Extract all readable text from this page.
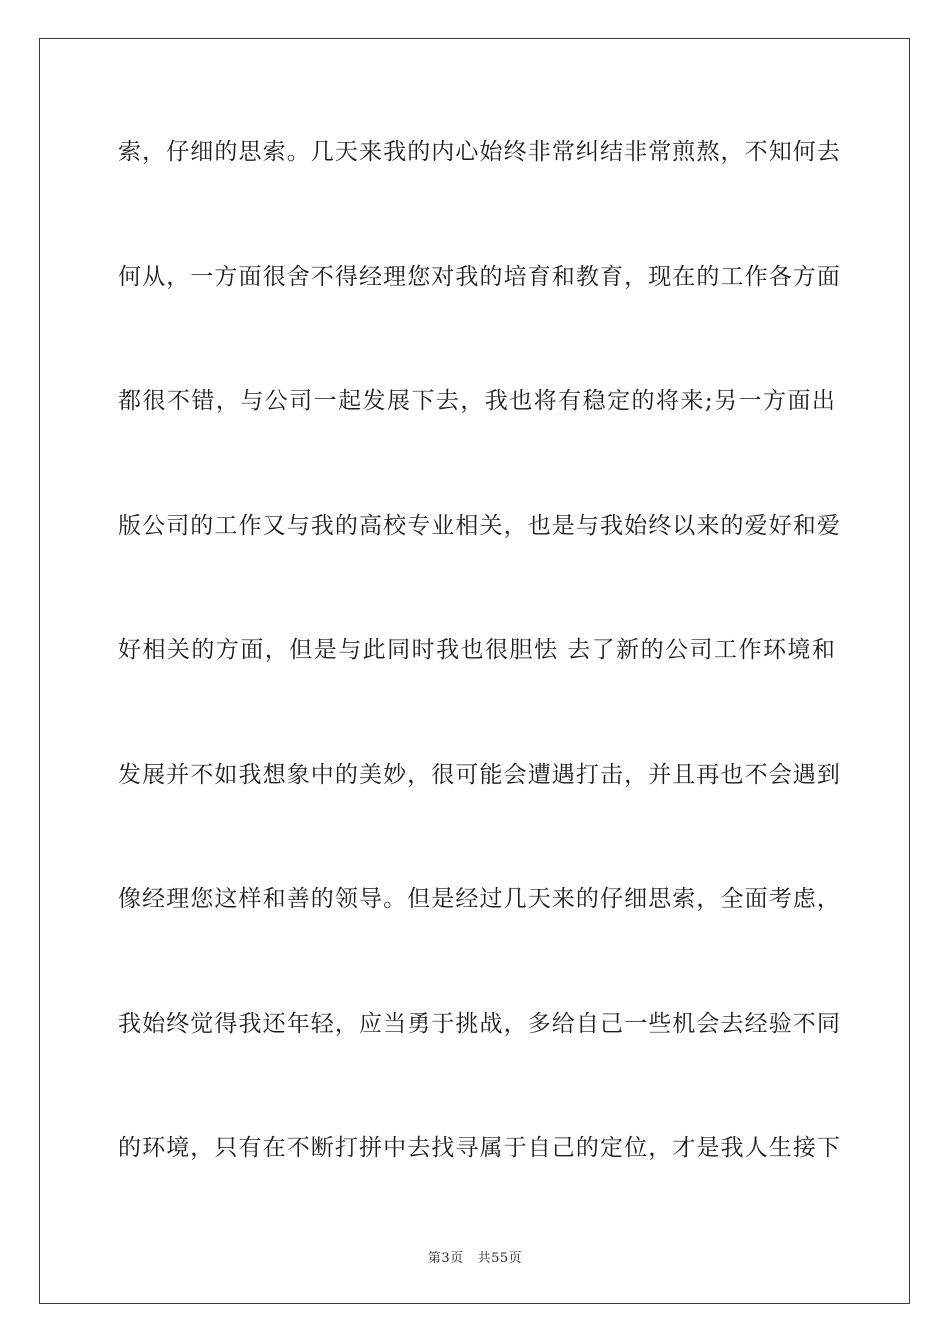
索，仔细的思索。几天来我的内心始终非常纠结非常煎熬，不知何去
何从，一方面很舍不得经理您对我的培育和教育，现在的工作各方面
都很不错，与公司一起发展下去，我也将有稳定的将来;另一方面出
版公司的工作又与我的高校专业相关，也是与我始终以来的爱好和爱
好相关的方面，但是与此同时我也很胆怯 去了新的公司工作环境和
发展并不如我想象中的美妙，很可能会遭遇打击，并且再也不会遇到
像经理您这样和善的领导。但是经过几天来的仔细思索，全面考虑，
我始终觉得我还年轻，应当勇于挑战，多给自己一些机会去经验不同
的环境，只有在不断打拼中去找寻属于自己的定位，才是我人生接下
第3页 共55页
